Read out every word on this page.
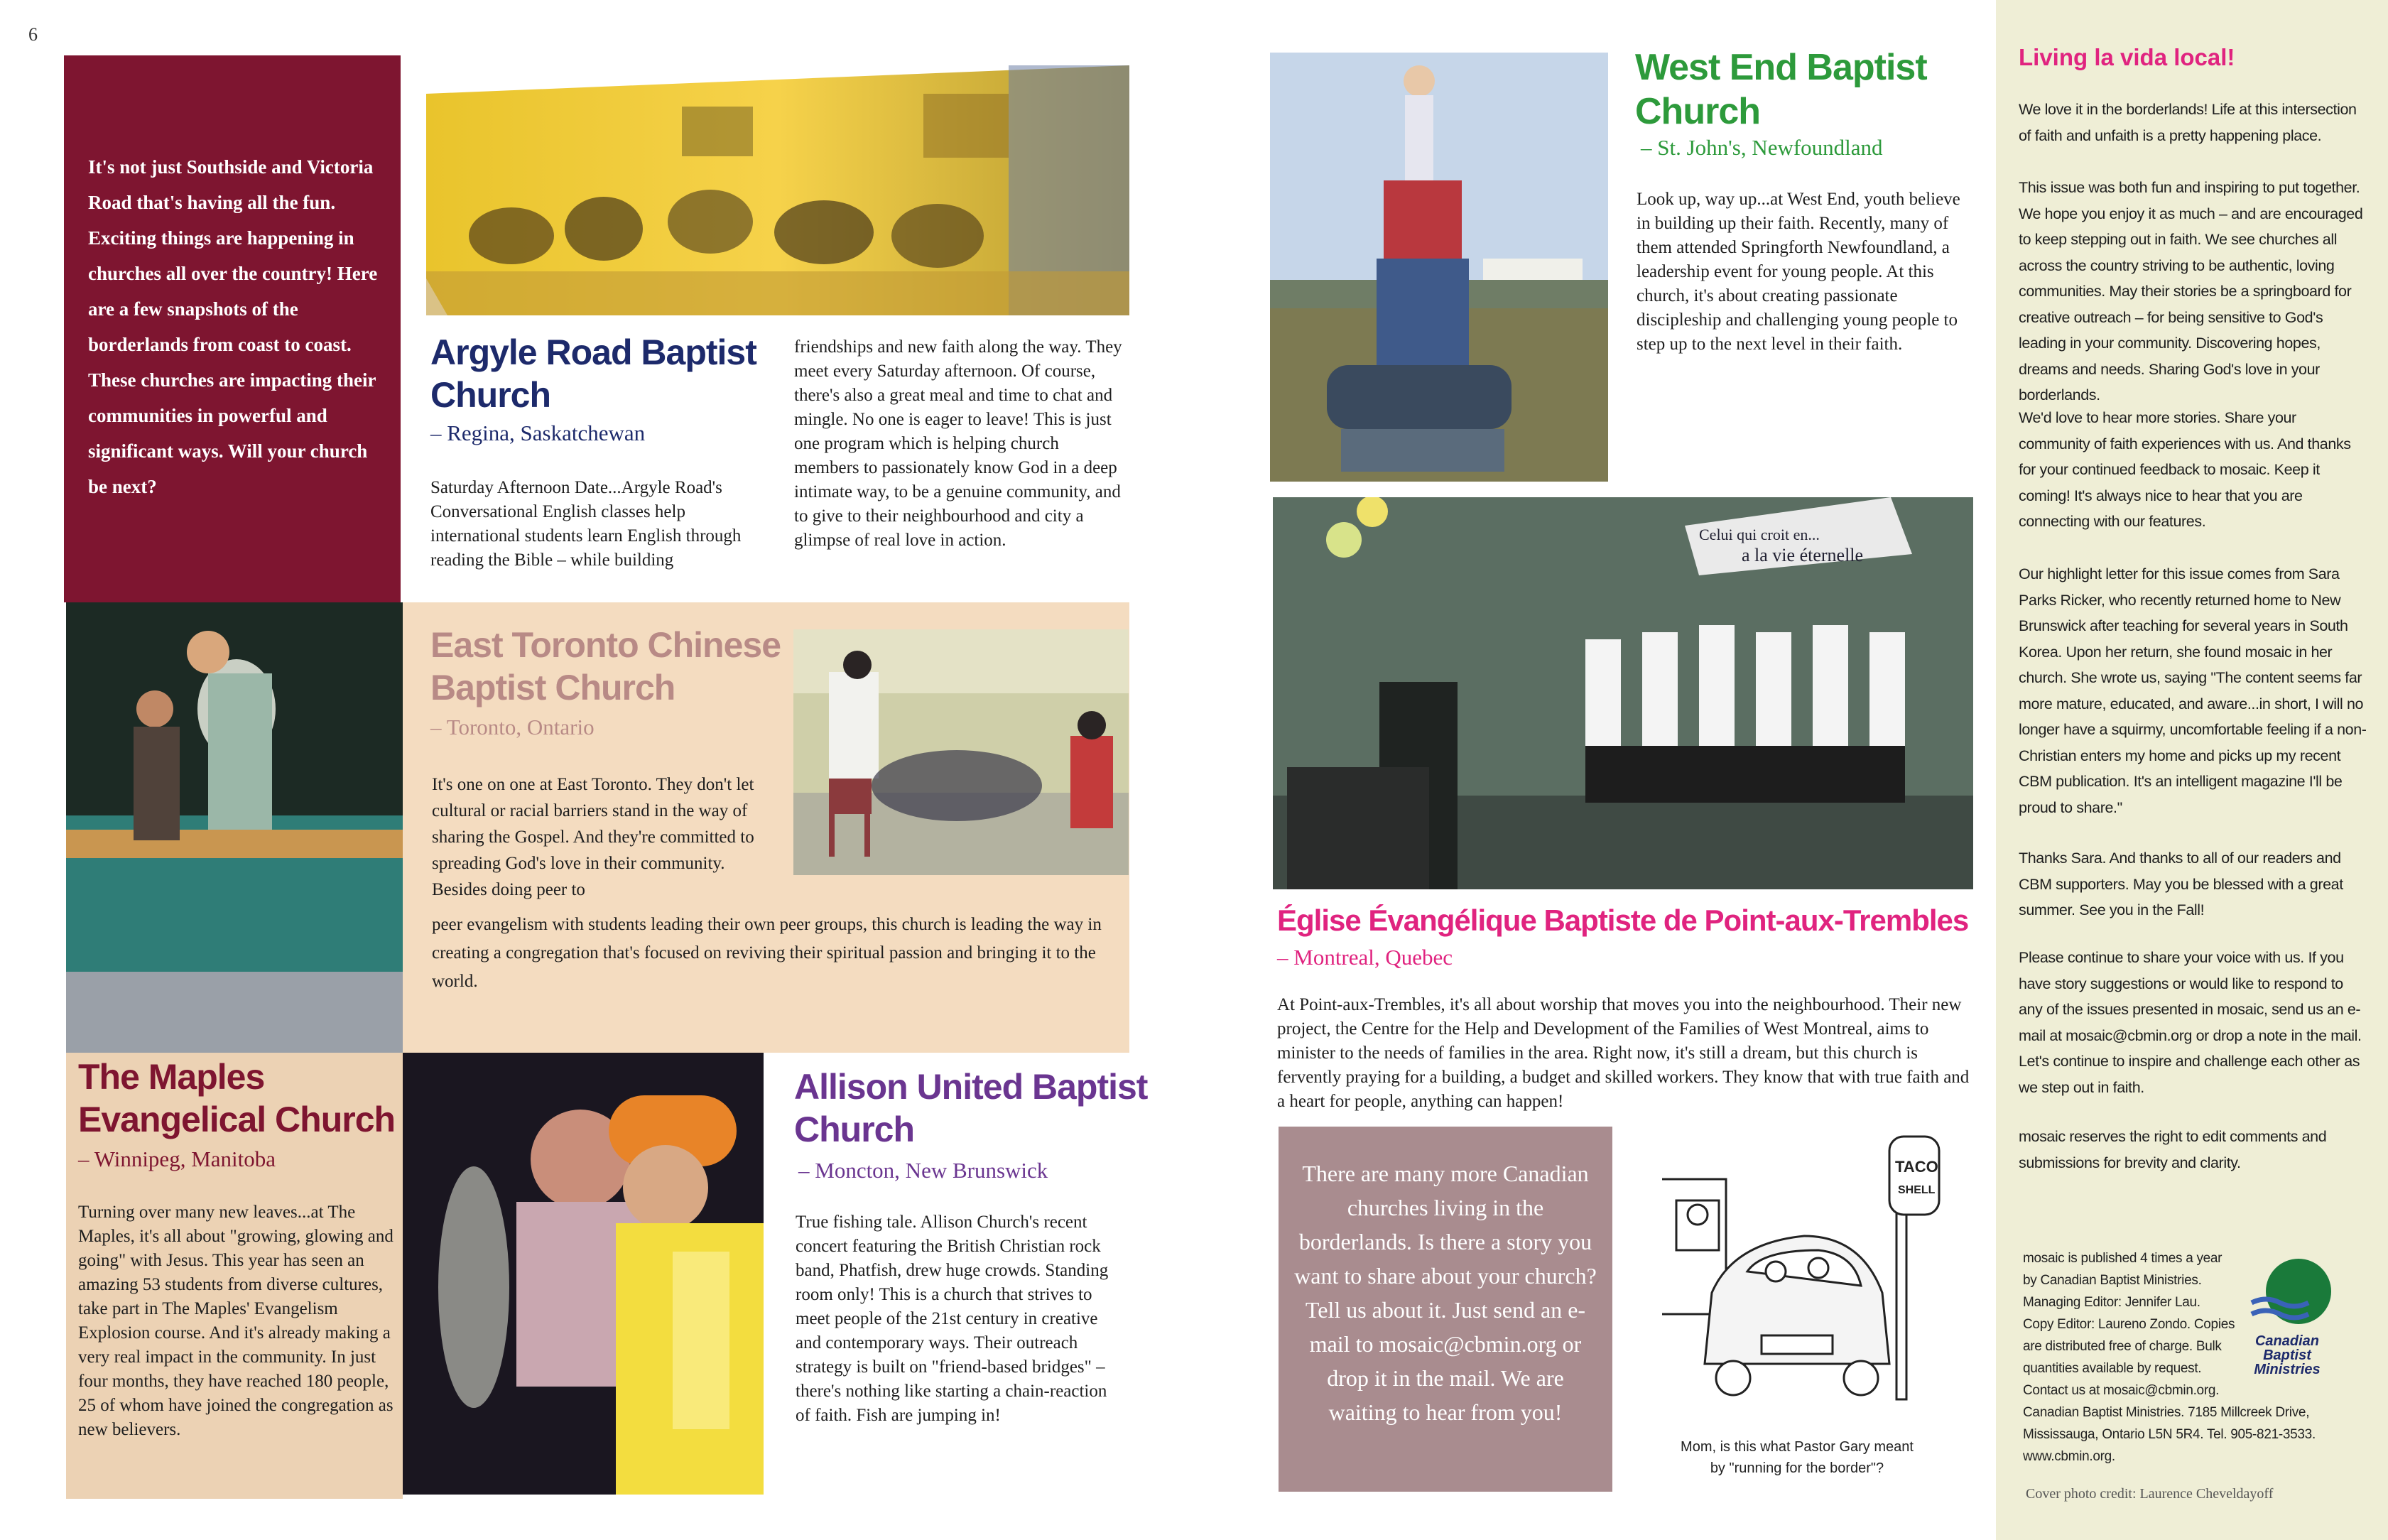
6

It's not just Southside and Victoria Road that's having all the fun. Exciting things are happening in churches all over the country! Here are a few snapshots of the borderlands from coast to coast. These churches are impacting their communities in powerful and significant ways. Will your church be next?

Argyle Road Baptist
Church
– Regina, Saskatchewan

Saturday Afternoon Date...Argyle Road's Conversational English classes help international students learn English through reading the Bible – while building

friendships and new faith along the way. They meet every Saturday afternoon. Of course, there's also a great meal and time to chat and mingle. No one is eager to leave! This is just one program which is helping church members to passionately know God in a deep intimate way, to be a genuine community, and to give to their neighbourhood and city a glimpse of real love in action.

East Toronto Chinese
Baptist Church
– Toronto, Ontario

It's one on one at East Toronto. They don't let cultural or racial barriers stand in the way of sharing the Gospel. And they're committed to spreading God's love in their community. Besides doing peer to

peer evangelism with students leading their own peer groups, this church is leading the way in creating a congregation that's focused on reviving their spiritual passion and bringing it to the world.

The Maples
Evangelical Church
– Winnipeg, Manitoba

Turning over many new leaves...at The Maples, it's all about "growing, glowing and going" with Jesus. This year has seen an amazing 53 students from diverse cultures, take part in The Maples' Evangelism Explosion course. And it's already making a very real impact in the community. In just four months, they have reached 180 people, 25 of whom have joined the congregation as new believers.

Allison United Baptist
Church
– Moncton, New Brunswick

True fishing tale. Allison Church's recent concert featuring the British Christian rock band, Phatfish, drew huge crowds. Standing room only! This is a church that strives to meet people of the 21st century in creative and contemporary ways. Their outreach strategy is built on "friend-based bridges" – there's nothing like starting a chain-reaction of faith. Fish are jumping in!

West End Baptist
Church
– St. John's, Newfoundland

Look up, way up...at West End, youth believe in building up their faith. Recently, many of them attended Springforth Newfoundland, a leadership event for young people. At this church, it's about creating passionate discipleship and challenging young people to step up to the next level in their faith.

Celui qui croit en...
a la vie éternelle
Église Évangélique Baptiste de Point-aux-Trembles
– Montreal, Quebec

At Point-aux-Trembles, it's all about worship that moves you into the neighbourhood. Their new project, the Centre for the Help and Development of the Families of West Montreal, aims to minister to the needs of families in the area. Right now, it's still a dream, but this church is fervently praying for a building, a budget and skilled workers. They know that with true faith and a heart for people, anything can happen!

There are many more Canadian churches living in the borderlands. Is there a story you want to share about your church? Tell us about it. Just send an e-mail to mosaic@cbmin.org or drop it in the mail. We are waiting to hear from you!

TACO
SHELL
Mom, is this what Pastor Gary meant
by "running for the border"?
Living la vida local!

We love it in the borderlands! Life at this intersection of faith and unfaith is a pretty happening place.

This issue was both fun and inspiring to put together. We hope you enjoy it as much – and are encouraged to keep stepping out in faith. We see churches all across the country striving to be authentic, loving communities. May their stories be a springboard for creative outreach – for being sensitive to God's leading in your community. Discovering hopes, dreams and needs. Sharing God's love in your borderlands.

We'd love to hear more stories. Share your community of faith experiences with us. And thanks for your continued feedback to mosaic. Keep it coming! It's always nice to hear that you are connecting with our features.

Our highlight letter for this issue comes from Sara Parks Ricker, who recently returned home to New Brunswick after teaching for several years in South Korea. Upon her return, she found mosaic in her church. She wrote us, saying "The content seems far more mature, educated, and aware...in short, I will no longer have a squirmy, uncomfortable feeling if a non-Christian enters my home and picks up my recent CBM publication. It's an intelligent magazine I'll be proud to share."

Thanks Sara. And thanks to all of our readers and CBM supporters. May you be blessed with a great summer. See you in the Fall!

Please continue to share your voice with us. If you have story suggestions or would like to respond to any of the issues presented in mosaic, send us an e-mail at mosaic@cbmin.org or drop a note in the mail. Let's continue to inspire and challenge each other as we step out in faith.

mosaic reserves the right to edit comments and submissions for brevity and clarity.

mosaic is published 4 times a year
by Canadian Baptist Ministries.
Managing Editor: Jennifer Lau.
Copy Editor: Laureno Zondo. Copies
are distributed free of charge. Bulk
quantities available by request.
Contact us at mosaic@cbmin.org.
Canadian Baptist Ministries. 7185 Millcreek Drive,
Mississauga, Ontario L5N 5R4. Tel. 905-821-3533.
www.cbmin.org.
Canadian
Baptist
Ministries
Cover photo credit: Laurence Cheveldayoff
